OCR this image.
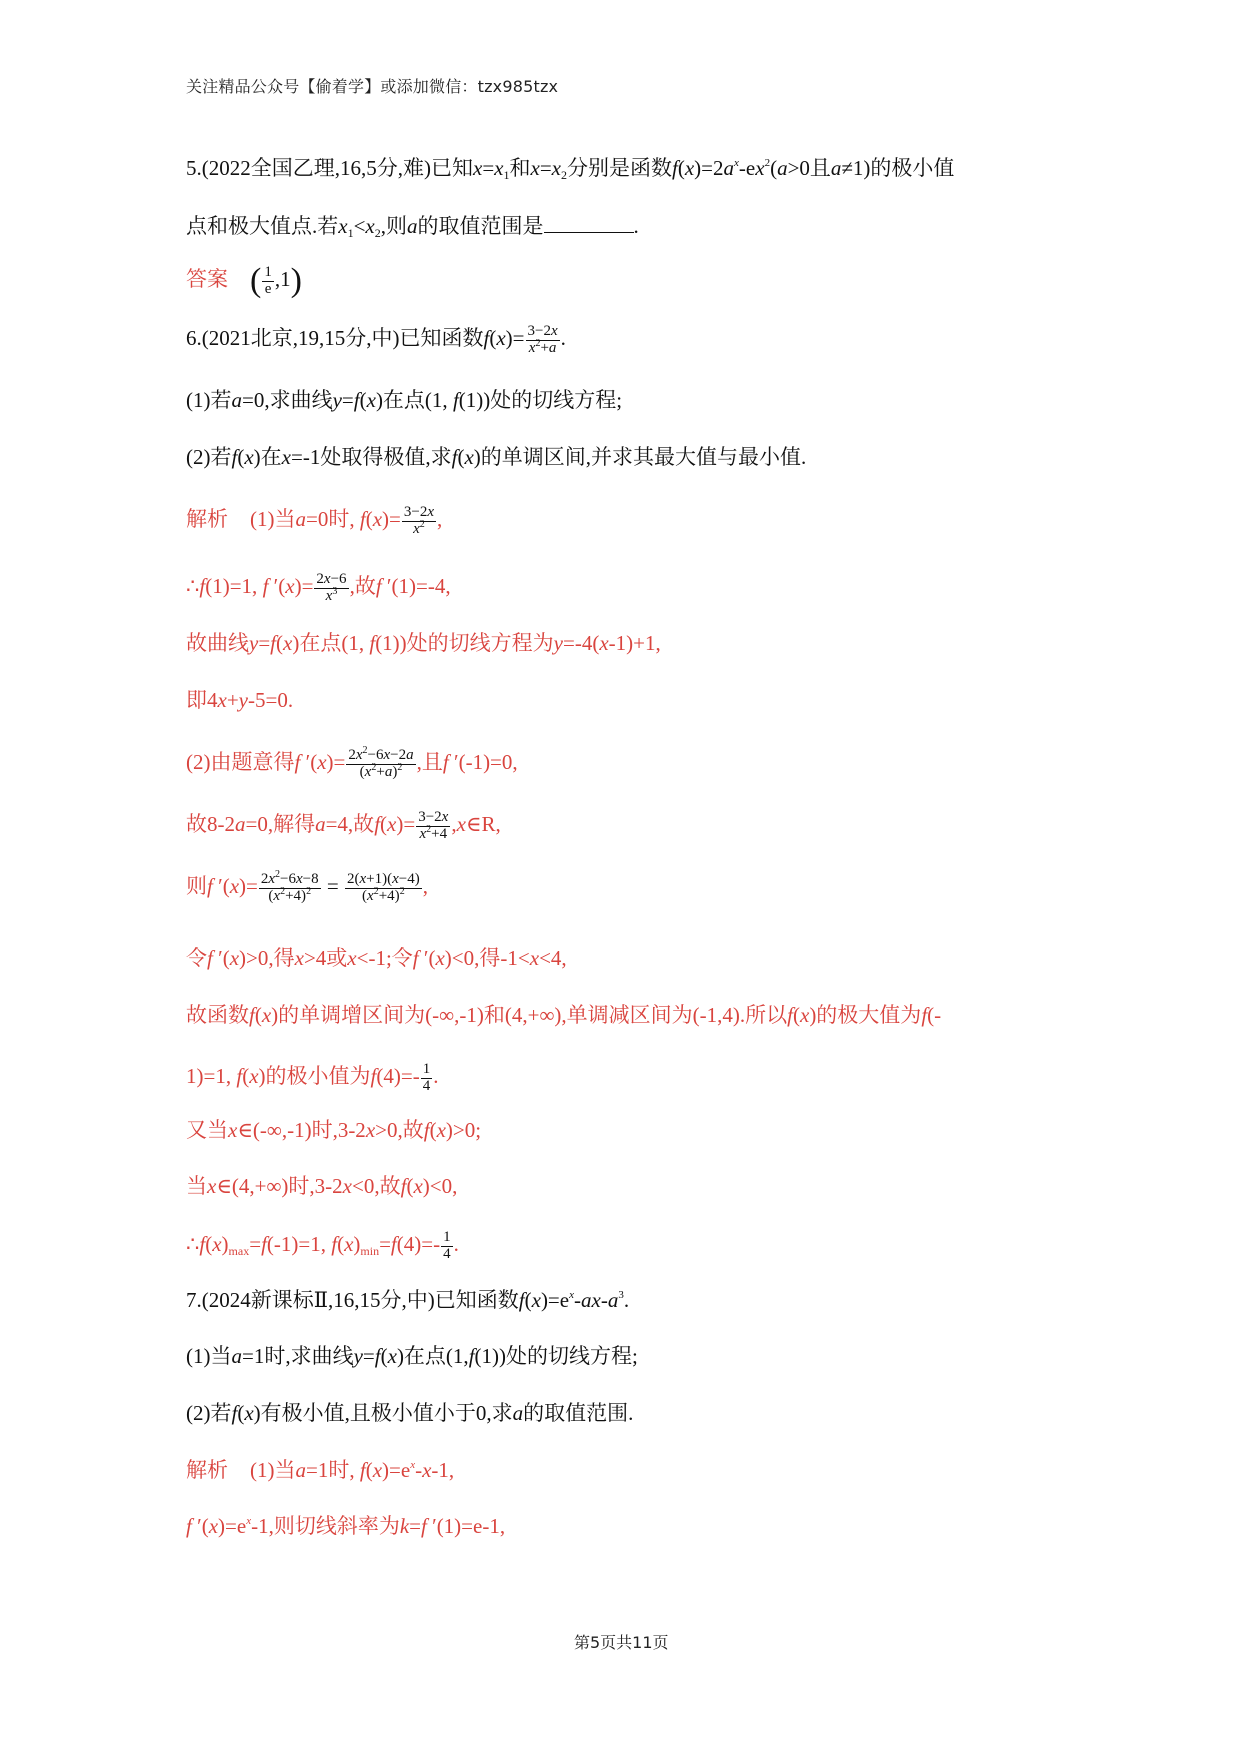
关注精品公众号【偷着学】或添加微信：tzx985tzx
5.(2022全国乙理,16,5分,难)已知$x=x_1$和$x=x_2$分别是函数$f(x)=2a^x-ex^2(a>0$且a≠1)的极小值
点和极大值点.若$x_1<x_2$,则a的取值范围是	.
答案 ( $\frac{1}{e} ,1$)
6.(2021北京,19,15分,中)已知函数$f(x)= \frac{3-2x}{x^2+a}$ .
(1)若a=0,求曲线y=f(x)在点(1, f(1))处的切线方程;
(2)若f(x)在x=-1处取得极值,求f(x)的单调区间,并求其最大值与最小值.
解析 (1)当a=0时, $f(x)= \frac{3-2x}{x^2}$ ,
∴f(1)=1, f $'(x)= \frac{2x-6}{x^3}$ ,故f ′(1)=-4,
故曲线y=f(x)在点(1, f(1))处的切线方程为y=-4(x-1)+1,
即4x+y-5=0.
(2)由题意得f $'(x)= \frac{2x^2-6x-2a}{(x^2+a)^2}$ ,且f ′(-1)=0,
故8-2a=0,解得a=4,故$f(x)= \frac{3-2x}{x^2+4}$ ,x∈R,
则f $'(x)= \frac{2x^2-6x-8}{(x^2+4)^2} = \frac{2(x+1)(x-4)}{(x^2+4)^2}$ ,
令f ′(x)>0,得x>4或x<-1;令f ′(x)<0,得-1<x<4,
故函数f(x)的单调增区间为(-∞,-1)和(4,+∞),单调减区间为(-1,4).所以f(x)的极大值为f(-
1)=1, f(x)的极小值为$f(4)=- \frac{1}{4}$ .
又当x∈(-∞,-1)时,3-2x>0,故f(x)>0;
当x∈(4,+∞)时,3-2x<0,故f(x)<0,
$\therefore f(x)_{max}=f(-1)=1$, $f(x)_{min}=f(4)=- \frac{1}{4}$ .
7.(2024新课标Ⅱ,16,15分,中)已知函数$f(x)=e^x-ax-a^3$.
(1)当a=1时,求曲线y=f(x)在点(1,f(1))处的切线方程;
(2)若f(x)有极小值,且极小值小于0,求a的取值范围.
解析 (1)当a=1时, $f(x)=e^x-x-1$,
f $'(x)=e^x-1$,则切线斜率为k=f ′(1)=e-1,
第5页共11页
